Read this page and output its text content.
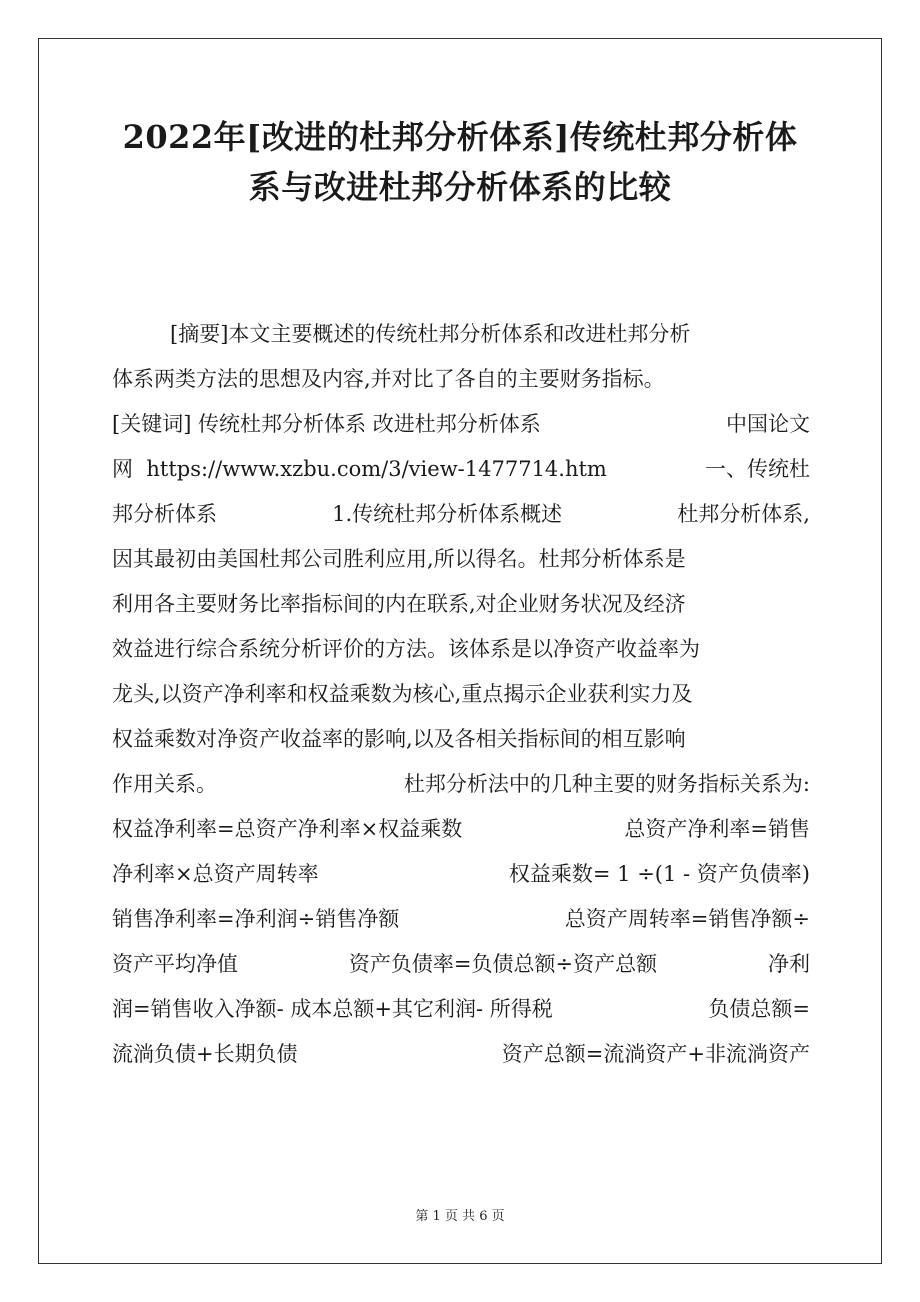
2022年[改进的杜邦分析体系]传统杜邦分析体
系与改进杜邦分析体系的比较
[摘要]本文主要概述的传统杜邦分析体系和改进杜邦分析
体系两类方法的思想及内容,并对比了各自的主要财务指标。
[关键词] 传统杜邦分析体系 改进杜邦分析体系	中国论文
网  https://www.xzbu.com/3/view-1477714.htm	一、传统杜
邦分析体系	1.传统杜邦分析体系概述	杜邦分析体系,
因其最初由美国杜邦公司胜利应用,所以得名。杜邦分析体系是
利用各主要财务比率指标间的内在联系,对企业财务状况及经济
效益进行综合系统分析评价的方法。该体系是以净资产收益率为
龙头,以资产净利率和权益乘数为核心,重点揭示企业获利实力及
权益乘数对净资产收益率的影响,以及各相关指标间的相互影响
作用关系。	杜邦分析法中的几种主要的财务指标关系为:
权益净利率=总资产净利率×权益乘数	总资产净利率=销售
净利率×总资产周转率	权益乘数= 1 ÷(1 - 资产负债率)
销售净利率=净利润÷销售净额	总资产周转率=销售净额÷
资产平均净值	资产负债率=负债总额÷资产总额	净利
润=销售收入净额- 成本总额+其它利润- 所得税	负债总额=
流淌负债+长期负债	资产总额=流淌资产+非流淌资产
第 1 页 共 6 页
